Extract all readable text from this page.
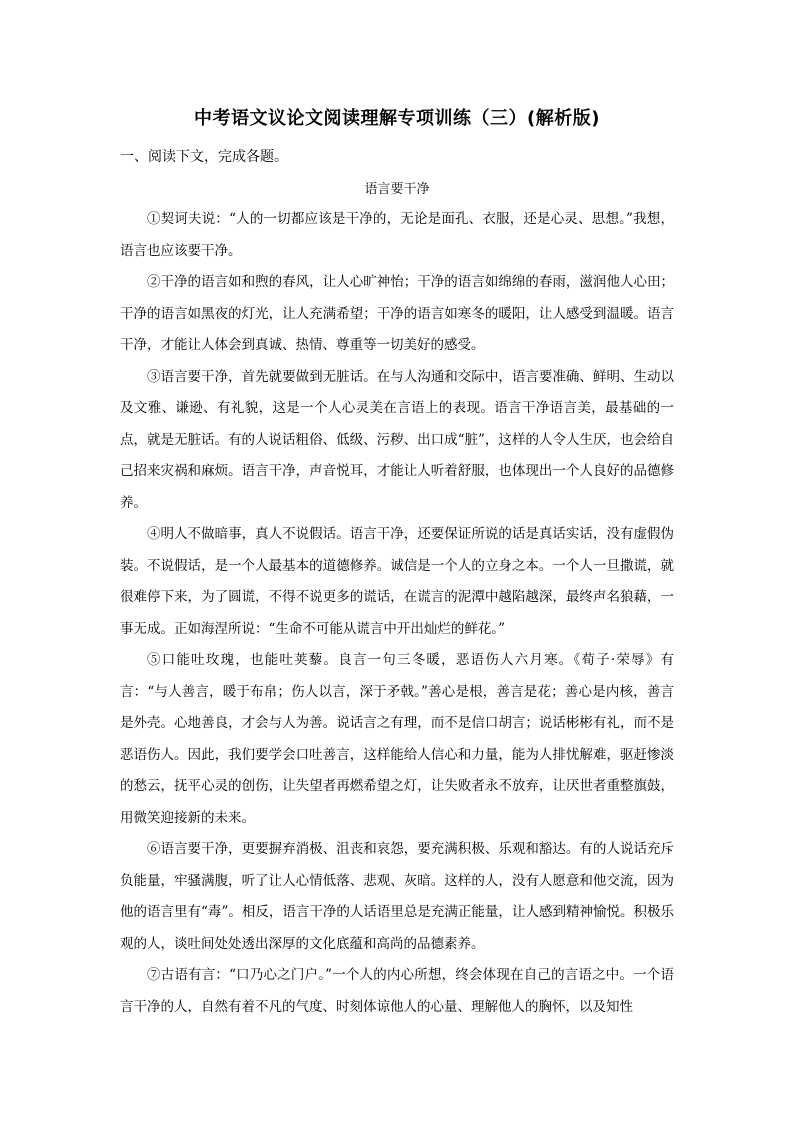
中考语文议论文阅读理解专项训练（三）(解析版)
一、阅读下文，完成各题。
语言要干净

①契诃夫说：“人的一切都应该是干净的，无论是面孔、衣服，还是心灵、思想。”我想，语言也应该要干净。

②干净的语言如和煦的春风，让人心旷神怡；干净的语言如绵绵的春雨，滋润他人心田；干净的语言如黑夜的灯光，让人充满希望；干净的语言如寒冬的暖阳，让人感受到温暖。语言干净，才能让人体会到真诚、热情、尊重等一切美好的感受。

③语言要干净，首先就要做到无脏话。在与人沟通和交际中，语言要准确、鲜明、生动以及文雅、谦逊、有礼貌，这是一个人心灵美在言语上的表现。语言干净语言美，最基础的一点，就是无脏话。有的人说话粗俗、低级、污秽、出口成“脏”，这样的人令人生厌，也会给自己招来灾祸和麻烦。语言干净，声音悦耳，才能让人听着舒服，也体现出一个人良好的品德修养。

④明人不做暗事，真人不说假话。语言干净，还要保证所说的话是真话实话，没有虚假伪装。不说假话，是一个人最基本的道德修养。诚信是一个人的立身之本。一个人一旦撒谎，就很难停下来，为了圆谎，不得不说更多的谎话，在谎言的泥潭中越陷越深，最终声名狼藉，一事无成。正如海涅所说：“生命不可能从谎言中开出灿烂的鲜花。”

⑤口能吐玫瑰，也能吐荚藜。良言一句三冬暖，恶语伤人六月寒。《荀子·荣辱》有言：“与人善言，暖于布帛；伤人以言，深于矛戟。”善心是根，善言是花；善心是内核，善言是外壳。心地善良，才会与人为善。说话言之有理，而不是信口胡言；说话彬彬有礼，而不是恶语伤人。因此，我们要学会口吐善言，这样能给人信心和力量，能为人排忧解难，驱赶惨淡的愁云，抚平心灵的创伤，让失望者再燃希望之灯，让失败者永不放弃，让厌世者重整旗鼓，用微笑迎接新的未来。

⑥语言要干净，更要摒弃消极、沮丧和哀怨，要充满积极、乐观和豁达。有的人说话充斥负能量，牢骚满腹，听了让人心情低落、悲观、灰暗。这样的人，没有人愿意和他交流，因为他的语言里有“毒”。相反，语言干净的人话语里总是充满正能量，让人感到精神愉悦。积极乐观的人，谈吐间处处透出深厚的文化底蕴和高尚的品德素养。

⑦古语有言：“口乃心之门户。”一个人的内心所想，终会体现在自己的言语之中。一个语言干净的人，自然有着不凡的气度、时刻体谅他人的心量、理解他人的胸怀，以及知性
